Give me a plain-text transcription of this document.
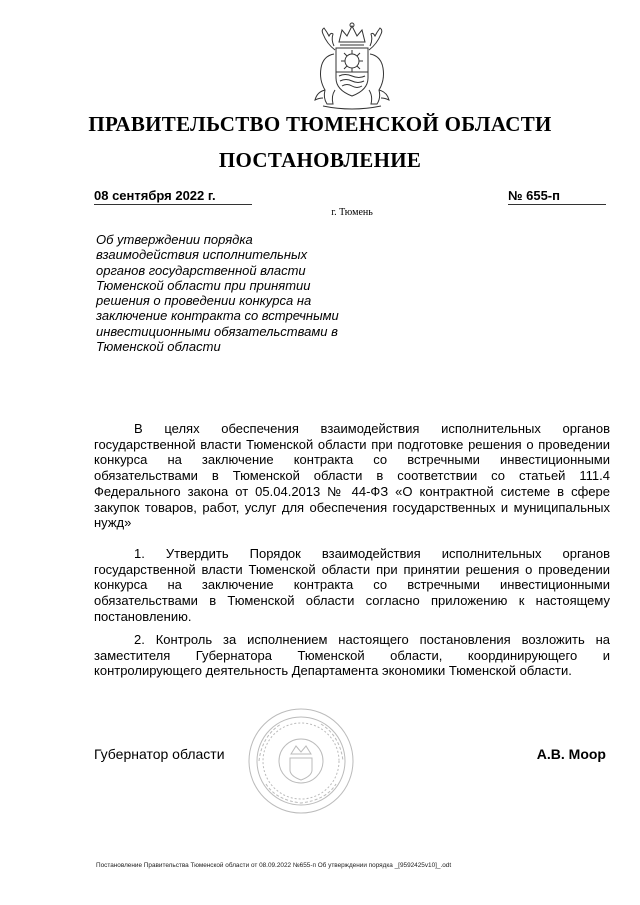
ПРАВИТЕЛЬСТВО ТЮМЕНСКОЙ ОБЛАСТИ
ПОСТАНОВЛЕНИЕ
08 сентября 2022 г.	№ 655-п
г. Тюмень
Об утверждении порядка взаимодействия исполнительных органов государственной власти Тюменской области при принятии решения о проведении конкурса на заключение контракта со встречными инвестиционными обязательствами в Тюменской области

В целях обеспечения взаимодействия исполнительных органов государственной власти Тюменской области при подготовке решения о проведении конкурса на заключение контракта со встречными инвестиционными обязательствами в Тюменской области в соответствии со статьей 111.4 Федерального закона от 05.04.2013 № 44-ФЗ «О контрактной системе в сфере закупок товаров, работ, услуг для обеспечения государственных и муниципальных нужд»

1. Утвердить Порядок взаимодействия исполнительных органов государственной власти Тюменской области при принятии решения о проведении конкурса на заключение контракта со встречными инвестиционными обязательствами в Тюменской области согласно приложению к настоящему постановлению.

2. Контроль за исполнением настоящего постановления возложить на заместителя Губернатора Тюменской области, координирующего и контролирующего деятельность Департамента экономики Тюменской области.

Губернатор области	А.В. Моор
Постановление Правительства Тюменской области от 08.09.2022 №655-п Об утверждении порядка _[9592425v10]_.odt
